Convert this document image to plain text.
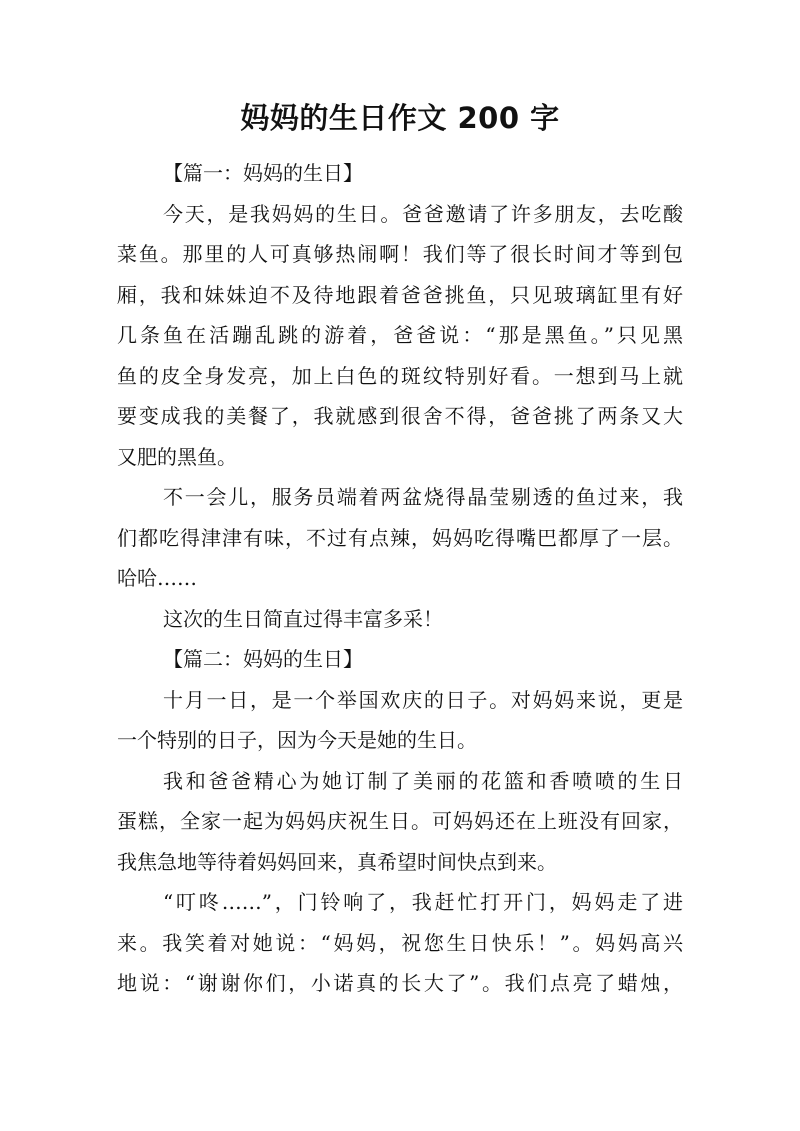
妈妈的生日作文 200 字
【篇一：妈妈的生日】
今天，是我妈妈的生日。爸爸邀请了许多朋友，去吃酸
菜鱼。那里的人可真够热闹啊！我们等了很长时间才等到包
厢，我和妹妹迫不及待地跟着爸爸挑鱼，只见玻璃缸里有好
几条鱼在活蹦乱跳的游着，爸爸说：“那是黑鱼。”只见黑
鱼的皮全身发亮，加上白色的斑纹特别好看。一想到马上就
要变成我的美餐了，我就感到很舍不得，爸爸挑了两条又大
又肥的黑鱼。
不一会儿，服务员端着两盆烧得晶莹剔透的鱼过来，我
们都吃得津津有味，不过有点辣，妈妈吃得嘴巴都厚了一层。
哈哈……
这次的生日简直过得丰富多采！
【篇二：妈妈的生日】
十月一日，是一个举国欢庆的日子。对妈妈来说，更是
一个特别的日子，因为今天是她的生日。
我和爸爸精心为她订制了美丽的花篮和香喷喷的生日
蛋糕，全家一起为妈妈庆祝生日。可妈妈还在上班没有回家，
我焦急地等待着妈妈回来，真希望时间快点到来。
“叮咚……”，门铃响了，我赶忙打开门，妈妈走了进
来。我笑着对她说：“妈妈，祝您生日快乐！”。妈妈高兴
地说：“谢谢你们，小诺真的长大了”。我们点亮了蜡烛，
